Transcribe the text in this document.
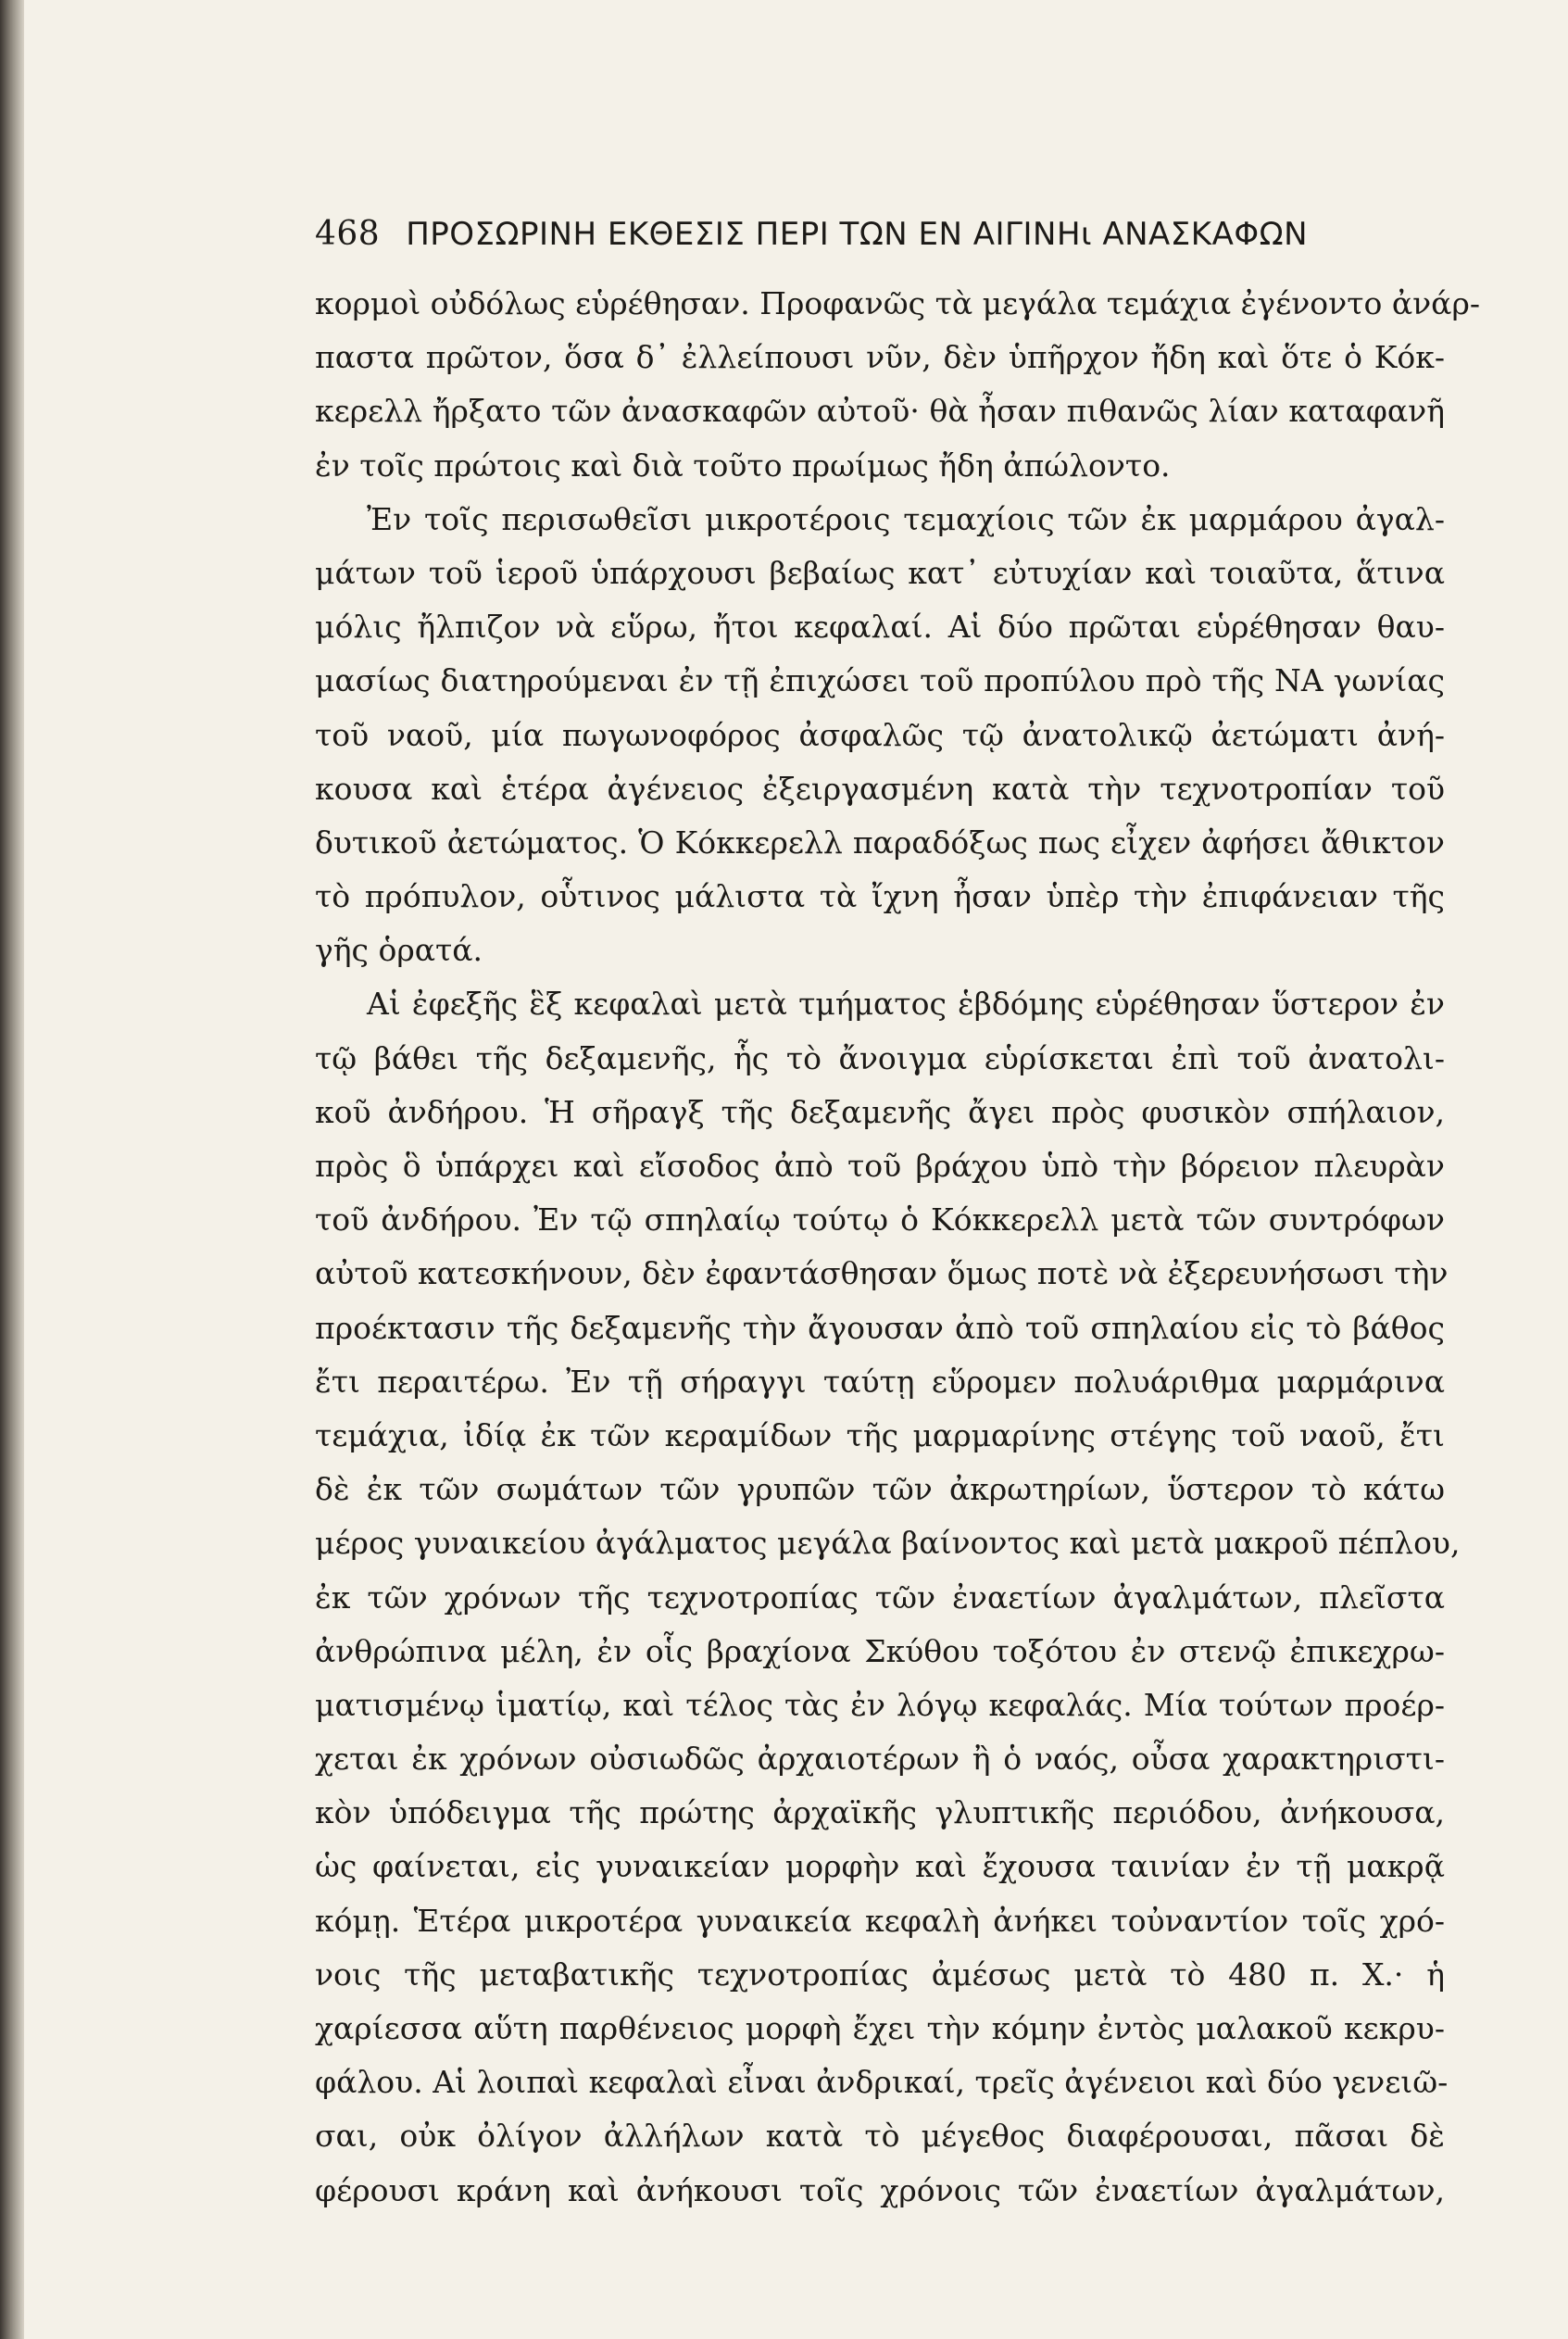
468 ΠΡΟΣΩΡΙΝΗ ΕΚΘΕΣΙΣ ΠΕΡΙ ΤΩΝ ΕΝ ΑΙΓΙΝΗι ΑΝΑΣΚΑΦΩΝ
κορμοὶ οὐδόλως εὑρέθησαν. Προφανῶς τὰ μεγάλα τεμάχια ἐγένοντο ἀνάρ-
παστα πρῶτον, ὅσα δ᾽ ἐλλείπουσι νῦν, δὲν ὑπῆρχον ἤδη καὶ ὅτε ὁ Κόκ-
κερελλ ἤρξατο τῶν ἀνασκαφῶν αὐτοῦ· θὰ ἦσαν πιθανῶς λίαν καταφανῆ
ἐν τοῖς πρώτοις καὶ διὰ τοῦτο πρωίμως ἤδη ἀπώλοντο.
Ἐν τοῖς περισωθεῖσι μικροτέροις τεμαχίοις τῶν ἐκ μαρμάρου ἀγαλ-
μάτων τοῦ ἱεροῦ ὑπάρχουσι βεβαίως κατ᾽ εὐτυχίαν καὶ τοιαῦτα, ἅτινα
μόλις ἤλπιζον νὰ εὕρω, ἤτοι κεφαλαί. Αἱ δύο πρῶται εὑρέθησαν θαυ-
μασίως διατηρούμεναι ἐν τῇ ἐπιχώσει τοῦ προπύλου πρὸ τῆς ΝΑ γωνίας
τοῦ ναοῦ, μία πωγωνοφόρος ἀσφαλῶς τῷ ἀνατολικῷ ἀετώματι ἀνή-
κουσα καὶ ἑτέρα ἀγένειος ἐξειργασμένη κατὰ τὴν τεχνοτροπίαν τοῦ
δυτικοῦ ἀετώματος. Ὁ Κόκκερελλ παραδόξως πως εἶχεν ἀφήσει ἄθικτον
τὸ πρόπυλον, οὗτινος μάλιστα τὰ ἴχνη ἦσαν ὑπὲρ τὴν ἐπιφάνειαν τῆς
γῆς ὁρατά.
Αἱ ἐφεξῆς ἓξ κεφαλαὶ μετὰ τμήματος ἑβδόμης εὑρέθησαν ὕστερον ἐν
τῷ βάθει τῆς δεξαμενῆς, ἧς τὸ ἄνοιγμα εὑρίσκεται ἐπὶ τοῦ ἀνατολι-
κοῦ ἀνδήρου. Ἡ σῆραγξ τῆς δεξαμενῆς ἄγει πρὸς φυσικὸν σπήλαιον,
πρὸς ὃ ὑπάρχει καὶ εἴσοδος ἀπὸ τοῦ βράχου ὑπὸ τὴν βόρειον πλευρὰν
τοῦ ἀνδήρου. Ἐν τῷ σπηλαίῳ τούτῳ ὁ Κόκκερελλ μετὰ τῶν συντρόφων
αὐτοῦ κατεσκήνουν, δὲν ἐφαντάσθησαν ὅμως ποτὲ νὰ ἐξερευνήσωσι τὴν
προέκτασιν τῆς δεξαμενῆς τὴν ἄγουσαν ἀπὸ τοῦ σπηλαίου εἰς τὸ βάθος
ἔτι περαιτέρω. Ἐν τῇ σήραγγι ταύτῃ εὕρομεν πολυάριθμα μαρμάρινα
τεμάχια, ἰδίᾳ ἐκ τῶν κεραμίδων τῆς μαρμαρίνης στέγης τοῦ ναοῦ, ἔτι
δὲ ἐκ τῶν σωμάτων τῶν γρυπῶν τῶν ἀκρωτηρίων, ὕστερον τὸ κάτω
μέρος γυναικείου ἀγάλματος μεγάλα βαίνοντος καὶ μετὰ μακροῦ πέπλου,
ἐκ τῶν χρόνων τῆς τεχνοτροπίας τῶν ἐναετίων ἀγαλμάτων, πλεῖστα
ἀνθρώπινα μέλη, ἐν οἷς βραχίονα Σκύθου τοξότου ἐν στενῷ ἐπικεχρω-
ματισμένῳ ἱματίῳ, καὶ τέλος τὰς ἐν λόγῳ κεφαλάς. Μία τούτων προέρ-
χεται ἐκ χρόνων οὐσιωδῶς ἀρχαιοτέρων ἢ ὁ ναός, οὖσα χαρακτηριστι-
κὸν ὑπόδειγμα τῆς πρώτης ἀρχαϊκῆς γλυπτικῆς περιόδου, ἀνήκουσα,
ὡς φαίνεται, εἰς γυναικείαν μορφὴν καὶ ἔχουσα ταινίαν ἐν τῇ μακρᾷ
κόμῃ. Ἑτέρα μικροτέρα γυναικεία κεφαλὴ ἀνήκει τοὐναντίον τοῖς χρό-
νοις τῆς μεταβατικῆς τεχνοτροπίας ἀμέσως μετὰ τὸ 480 π. Χ.· ἡ
χαρίεσσα αὕτη παρθένειος μορφὴ ἔχει τὴν κόμην ἐντὸς μαλακοῦ κεκρυ-
φάλου. Αἱ λοιπαὶ κεφαλαὶ εἶναι ἀνδρικαί, τρεῖς ἀγένειοι καὶ δύο γενειῶ-
σαι, οὐκ ὀλίγον ἀλλήλων κατὰ τὸ μέγεθος διαφέρουσαι, πᾶσαι δὲ
φέρουσι κράνη καὶ ἀνήκουσι τοῖς χρόνοις τῶν ἐναετίων ἀγαλμάτων,
